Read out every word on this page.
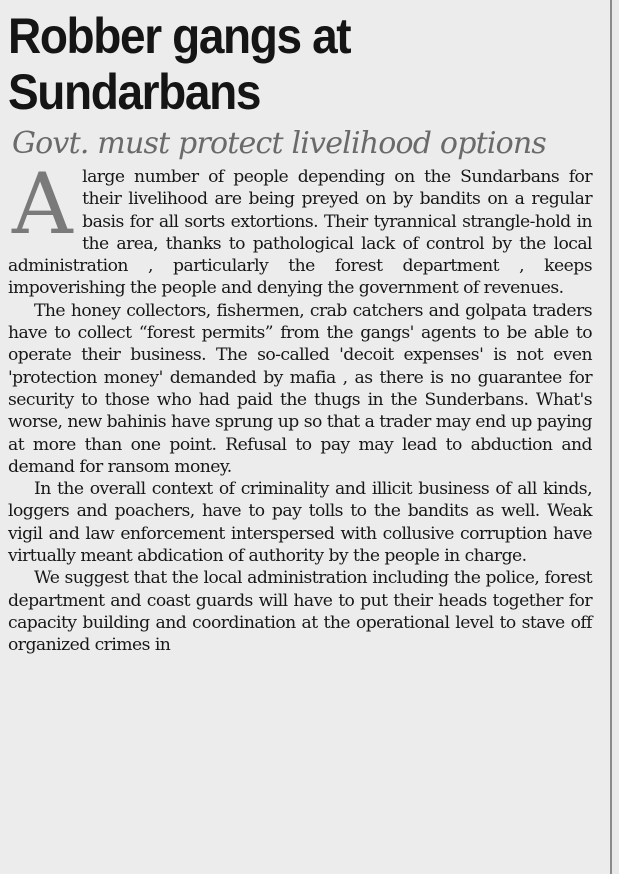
Robber gangs at
Sundarbans
Govt. must protect livelihood options

A large number of people depending on the Sundarbans for their livelihood are being preyed on by bandits on a regular basis for all sorts extortions. Their tyrannical strangle-hold in the area, thanks to pathological lack of control by the local administration , particularly the forest department , keeps impoverishing the people and denying the government of revenues.

The honey collectors, fishermen, crab catchers and golpata traders have to collect “forest permits” from the gangs' agents to be able to operate their business. The so-called 'decoit expenses' is not even 'protection money' demanded by mafia , as there is no guarantee for security to those who had paid the thugs in the Sunderbans. What's worse, new bahinis have sprung up so that a trader may end up paying at more than one point. Refusal to pay may lead to abduction and demand for ransom money.

In the overall context of criminality and illicit business of all kinds, loggers and poachers, have to pay tolls to the bandits as well. Weak vigil and law enforcement interspersed with collusive corruption have virtually meant abdication of authority by the people in charge.

We suggest that the local administration including the police, forest department and coast guards will have to put their heads together for capacity building and coordination at the operational level to stave off organized crimes in
